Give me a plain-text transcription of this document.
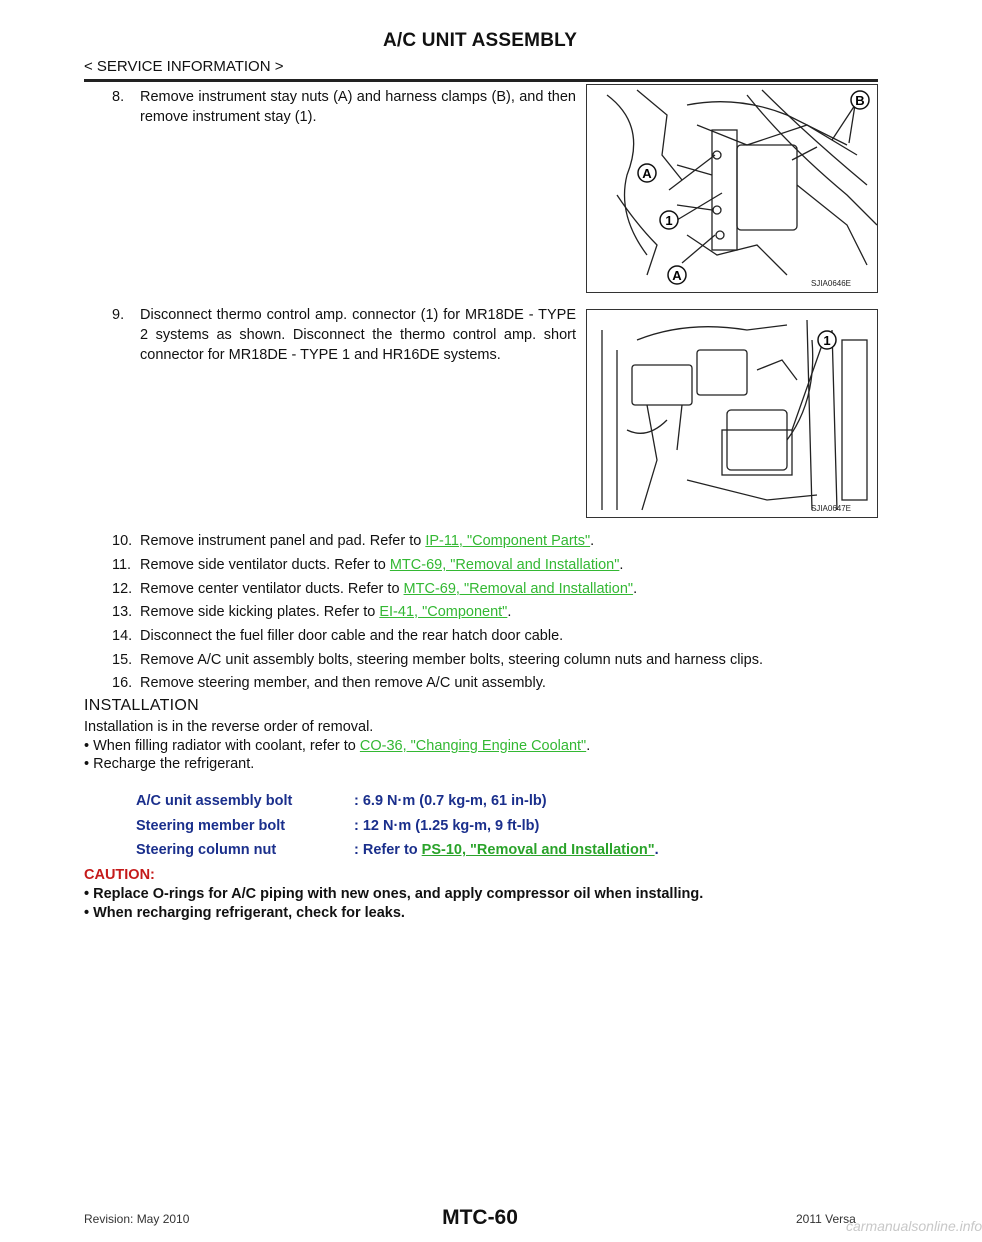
A/C UNIT ASSEMBLY
< SERVICE INFORMATION >
8.	Remove instrument stay nuts (A) and harness clamps (B), and then remove instrument stay (1).
B
A
1
A
SJIA0646E
9.	Disconnect thermo control amp. connector (1) for MR18DE - TYPE 2 systems as shown. Disconnect the thermo control amp. short connector for MR18DE - TYPE 1 and HR16DE systems.
1
SJIA0647E
10. Remove instrument panel and pad. Refer to IP-11, "Component Parts".
11. Remove side ventilator ducts. Refer to MTC-69, "Removal and Installation".
12. Remove center ventilator ducts. Refer to MTC-69, "Removal and Installation".
13. Remove side kicking plates. Refer to EI-41, "Component".
14. Disconnect the fuel filler door cable and the rear hatch door cable.
15. Remove A/C unit assembly bolts, steering member bolts, steering column nuts and harness clips.
16. Remove steering member, and then remove A/C unit assembly.
INSTALLATION
Installation is in the reverse order of removal.
• When filling radiator with coolant, refer to CO-36, "Changing Engine Coolant".
• Recharge the refrigerant.
A/C unit assembly bolt	: 6.9 N·m (0.7 kg-m, 61 in-lb)
Steering member bolt	: 12 N·m (1.25 kg-m, 9 ft-lb)
Steering column nut	: Refer to PS-10, "Removal and Installation".
CAUTION:
• Replace O-rings for A/C piping with new ones, and apply compressor oil when installing.
• When recharging refrigerant, check for leaks.
MTC-60
Revision: May 2010	2011 Versa
carmanualsonline.info
